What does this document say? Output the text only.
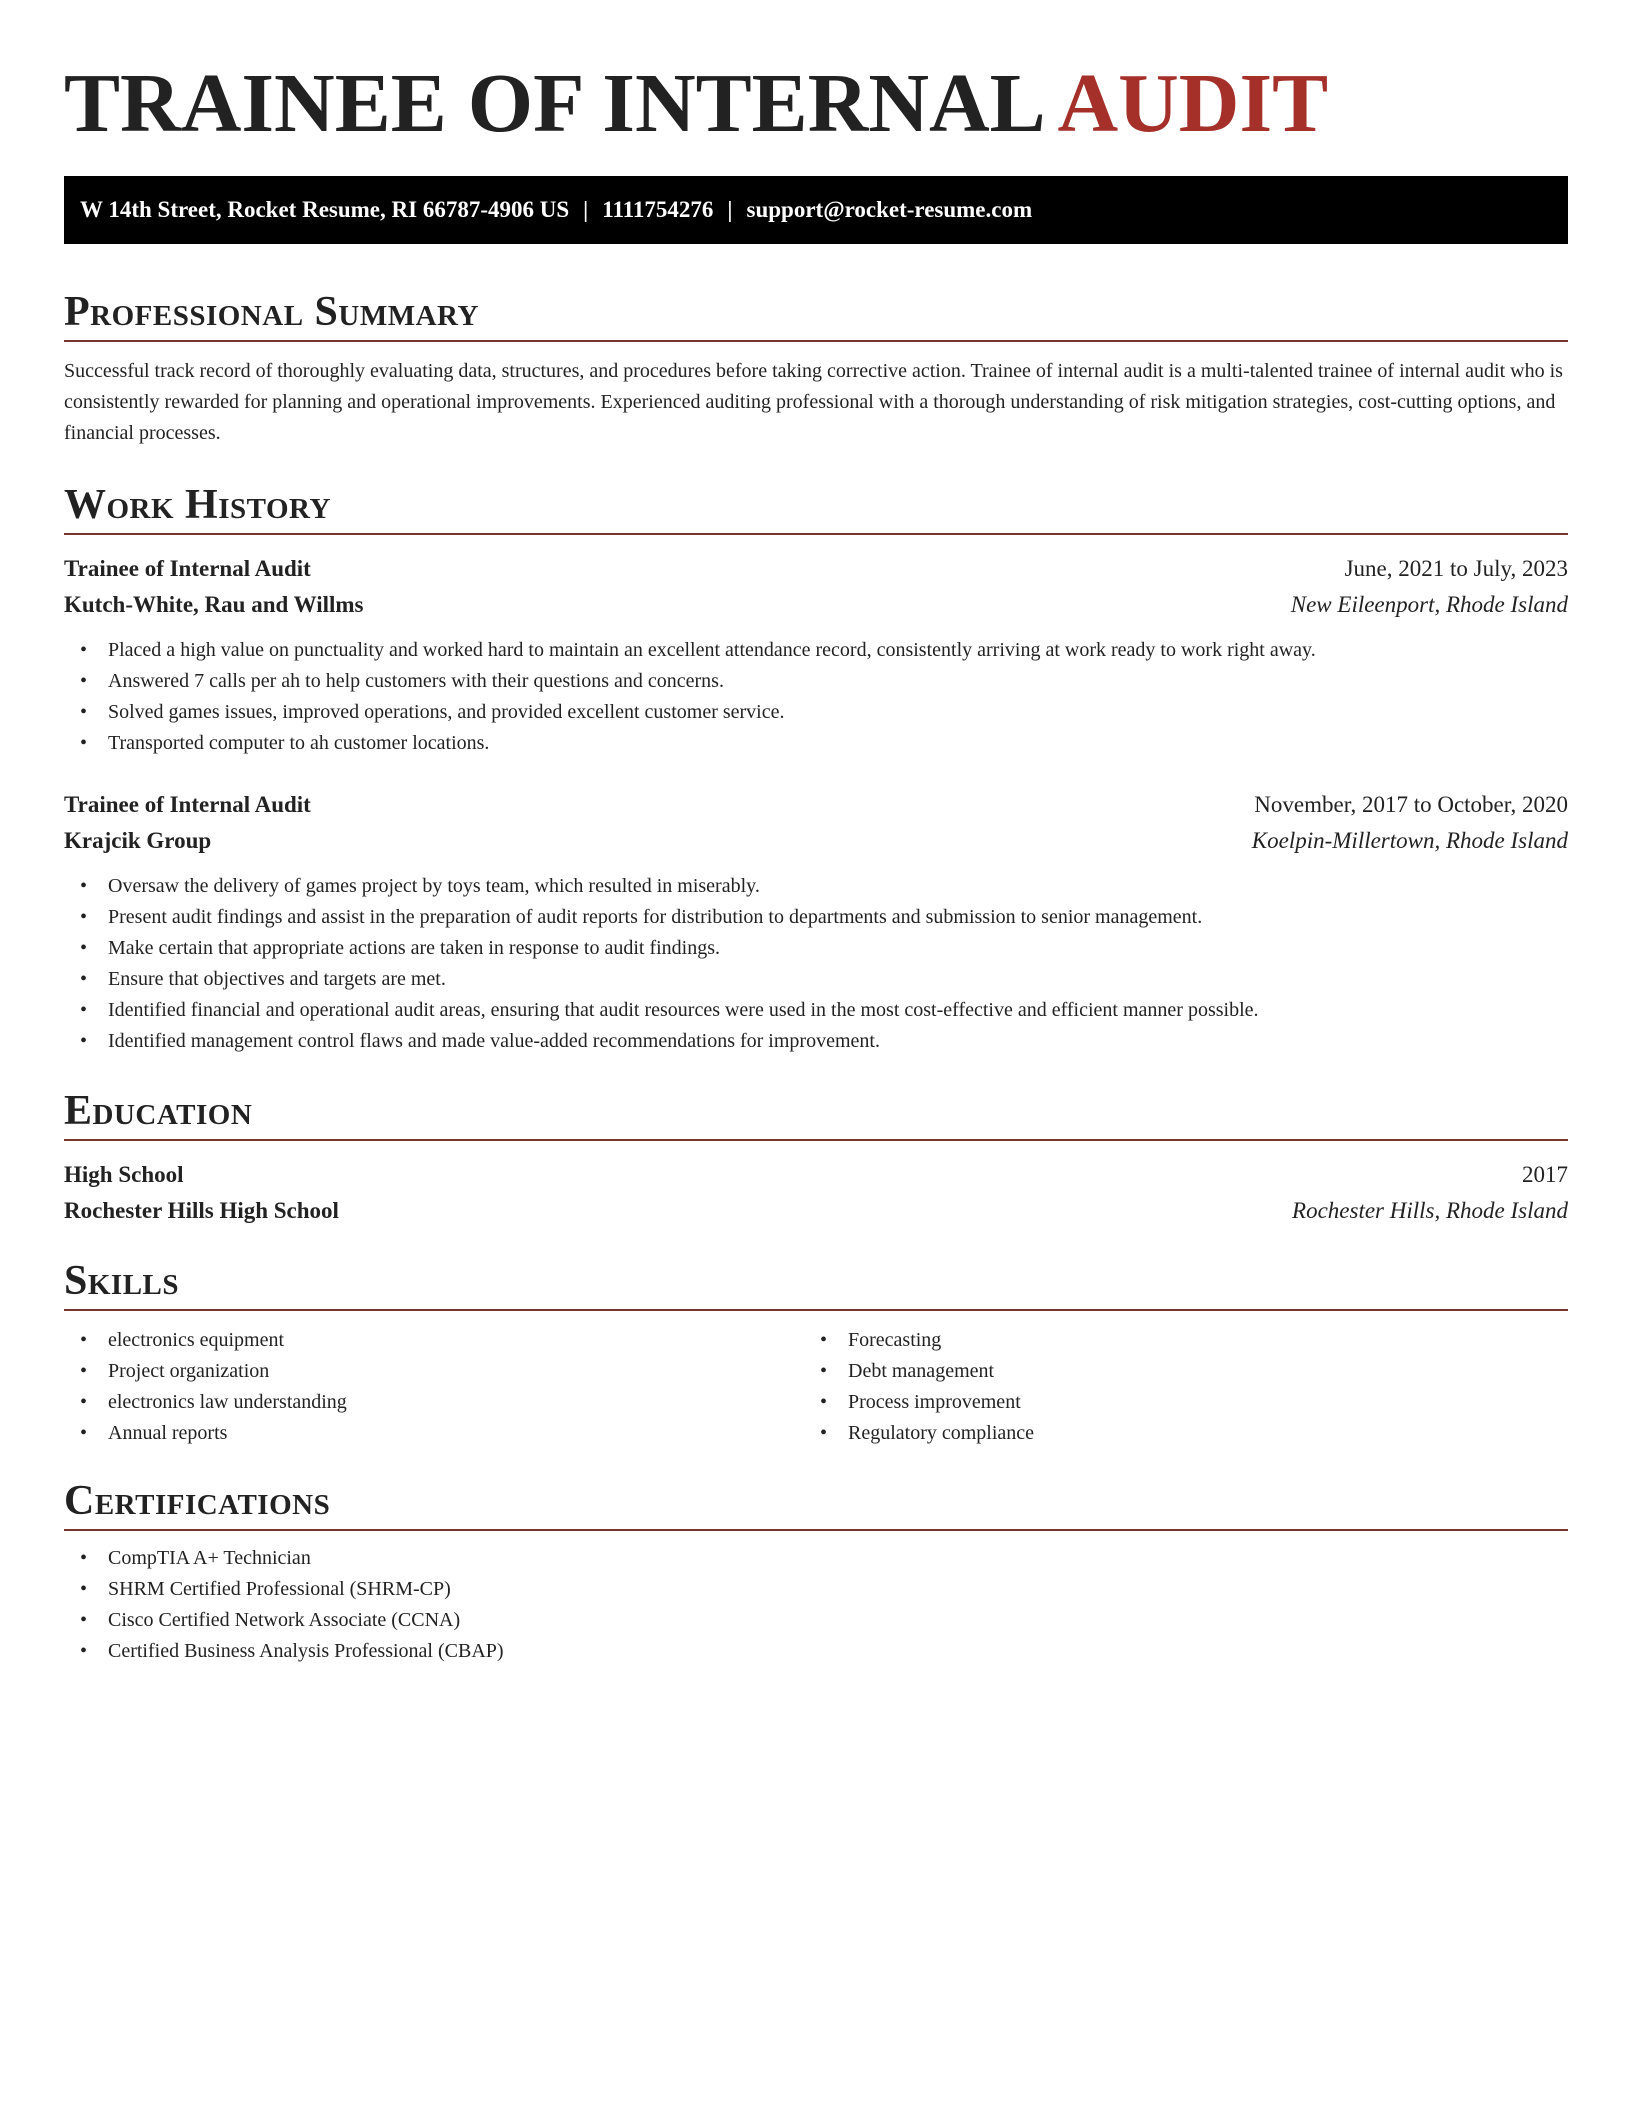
TRAINEE OF INTERNAL AUDIT
W 14th Street, Rocket Resume, RI 66787-4906 US | 1111754276 | support@rocket-resume.com
Professional Summary

Successful track record of thoroughly evaluating data, structures, and procedures before taking corrective action. Trainee of internal audit is a multi-talented trainee of internal audit who is consistently rewarded for planning and operational improvements. Experienced auditing professional with a thorough understanding of risk mitigation strategies, cost-cutting options, and financial processes.

Work History
Trainee of Internal Audit	June, 2021 to July, 2023
Kutch-White, Rau and Willms	New Eileenport, Rhode Island
• Placed a high value on punctuality and worked hard to maintain an excellent attendance record, consistently arriving at work ready to work right away.
• Answered 7 calls per ah to help customers with their questions and concerns.
• Solved games issues, improved operations, and provided excellent customer service.
• Transported computer to ah customer locations.
Trainee of Internal Audit	November, 2017 to October, 2020
Krajcik Group	Koelpin-Millertown, Rhode Island
• Oversaw the delivery of games project by toys team, which resulted in miserably.
• Present audit findings and assist in the preparation of audit reports for distribution to departments and submission to senior management.
• Make certain that appropriate actions are taken in response to audit findings.
• Ensure that objectives and targets are met.
• Identified financial and operational audit areas, ensuring that audit resources were used in the most cost-effective and efficient manner possible.
• Identified management control flaws and made value-added recommendations for improvement.
Education
High School	2017
Rochester Hills High School	Rochester Hills, Rhode Island
Skills
• electronics equipment
• Project organization
• electronics law understanding
• Annual reports
• Forecasting
• Debt management
• Process improvement
• Regulatory compliance
Certifications
• CompTIA A+ Technician
• SHRM Certified Professional (SHRM-CP)
• Cisco Certified Network Associate (CCNA)
• Certified Business Analysis Professional (CBAP)
